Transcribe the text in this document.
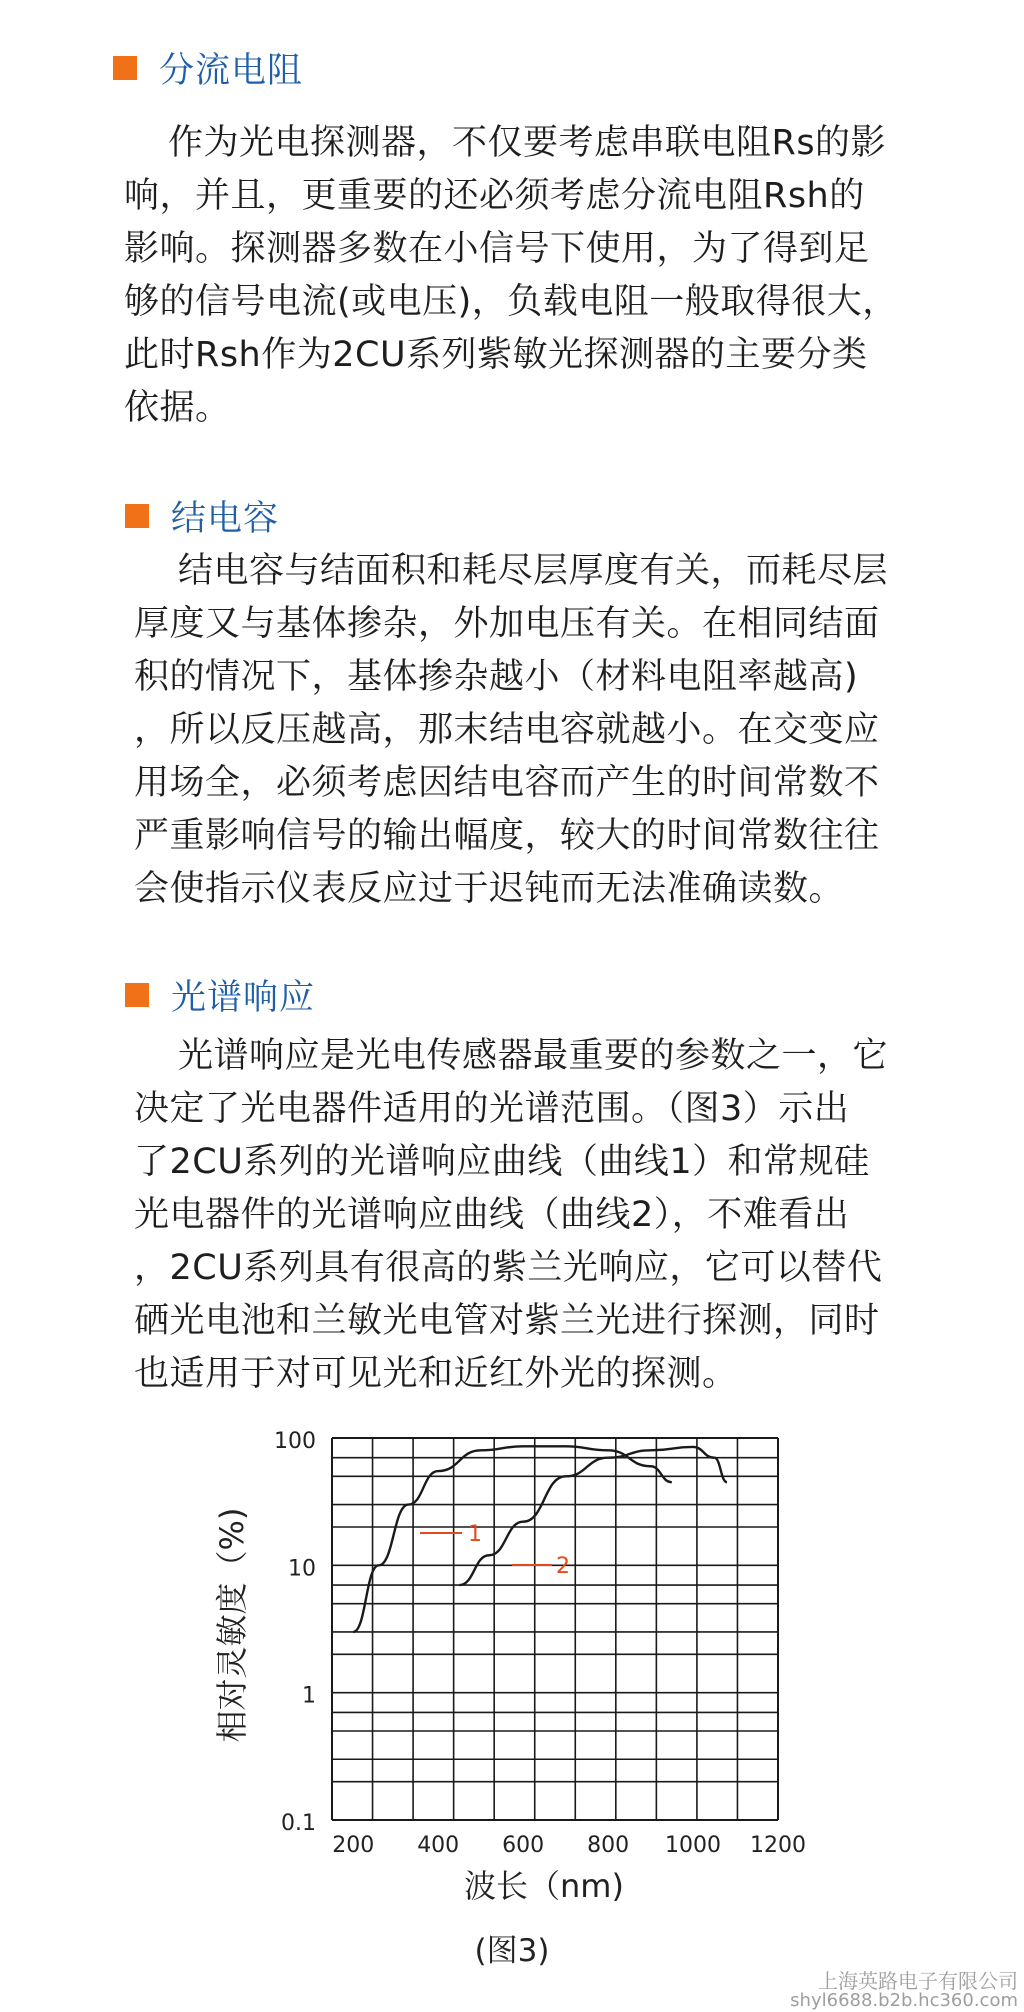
分流电阻
作为光电探测器，不仅要考虑串联电阻Rs的影
响，并且，更重要的还必须考虑分流电阻Rsh的
影响。探测器多数在小信号下使用，为了得到足
够的信号电流(或电压)，负载电阻一般取得很大，
此时Rsh作为2CU系列紫敏光探测器的主要分类
依据。
结电容
结电容与结面积和耗尽层厚度有关，而耗尽层
厚度又与基体掺杂，外加电压有关。在相同结面
积的情况下，基体掺杂越小（材料电阻率越高)
，所以反压越高，那末结电容就越小。在交变应
用场全，必须考虑因结电容而产生的时间常数不
严重影响信号的输出幅度，较大的时间常数往往
会使指示仪表反应过于迟钝而无法准确读数。
光谱响应
光谱响应是光电传感器最重要的参数之一，它
决定了光电器件适用的光谱范围。（图3）示出
了2CU系列的光谱响应曲线（曲线1）和常规硅
光电器件的光谱响应曲线（曲线2），不难看出
，2CU系列具有很高的紫兰光响应，它可以替代
硒光电池和兰敏光电管对紫兰光进行探测，同时
也适用于对可见光和近红外光的探测。
1
2
100
10
1
0.1
200 400 600 800 1000 1200
相对灵敏度（%)
波长（nm)
(图3)
上海英路电子有限公司
shyl6688.b2b.hc360.com
